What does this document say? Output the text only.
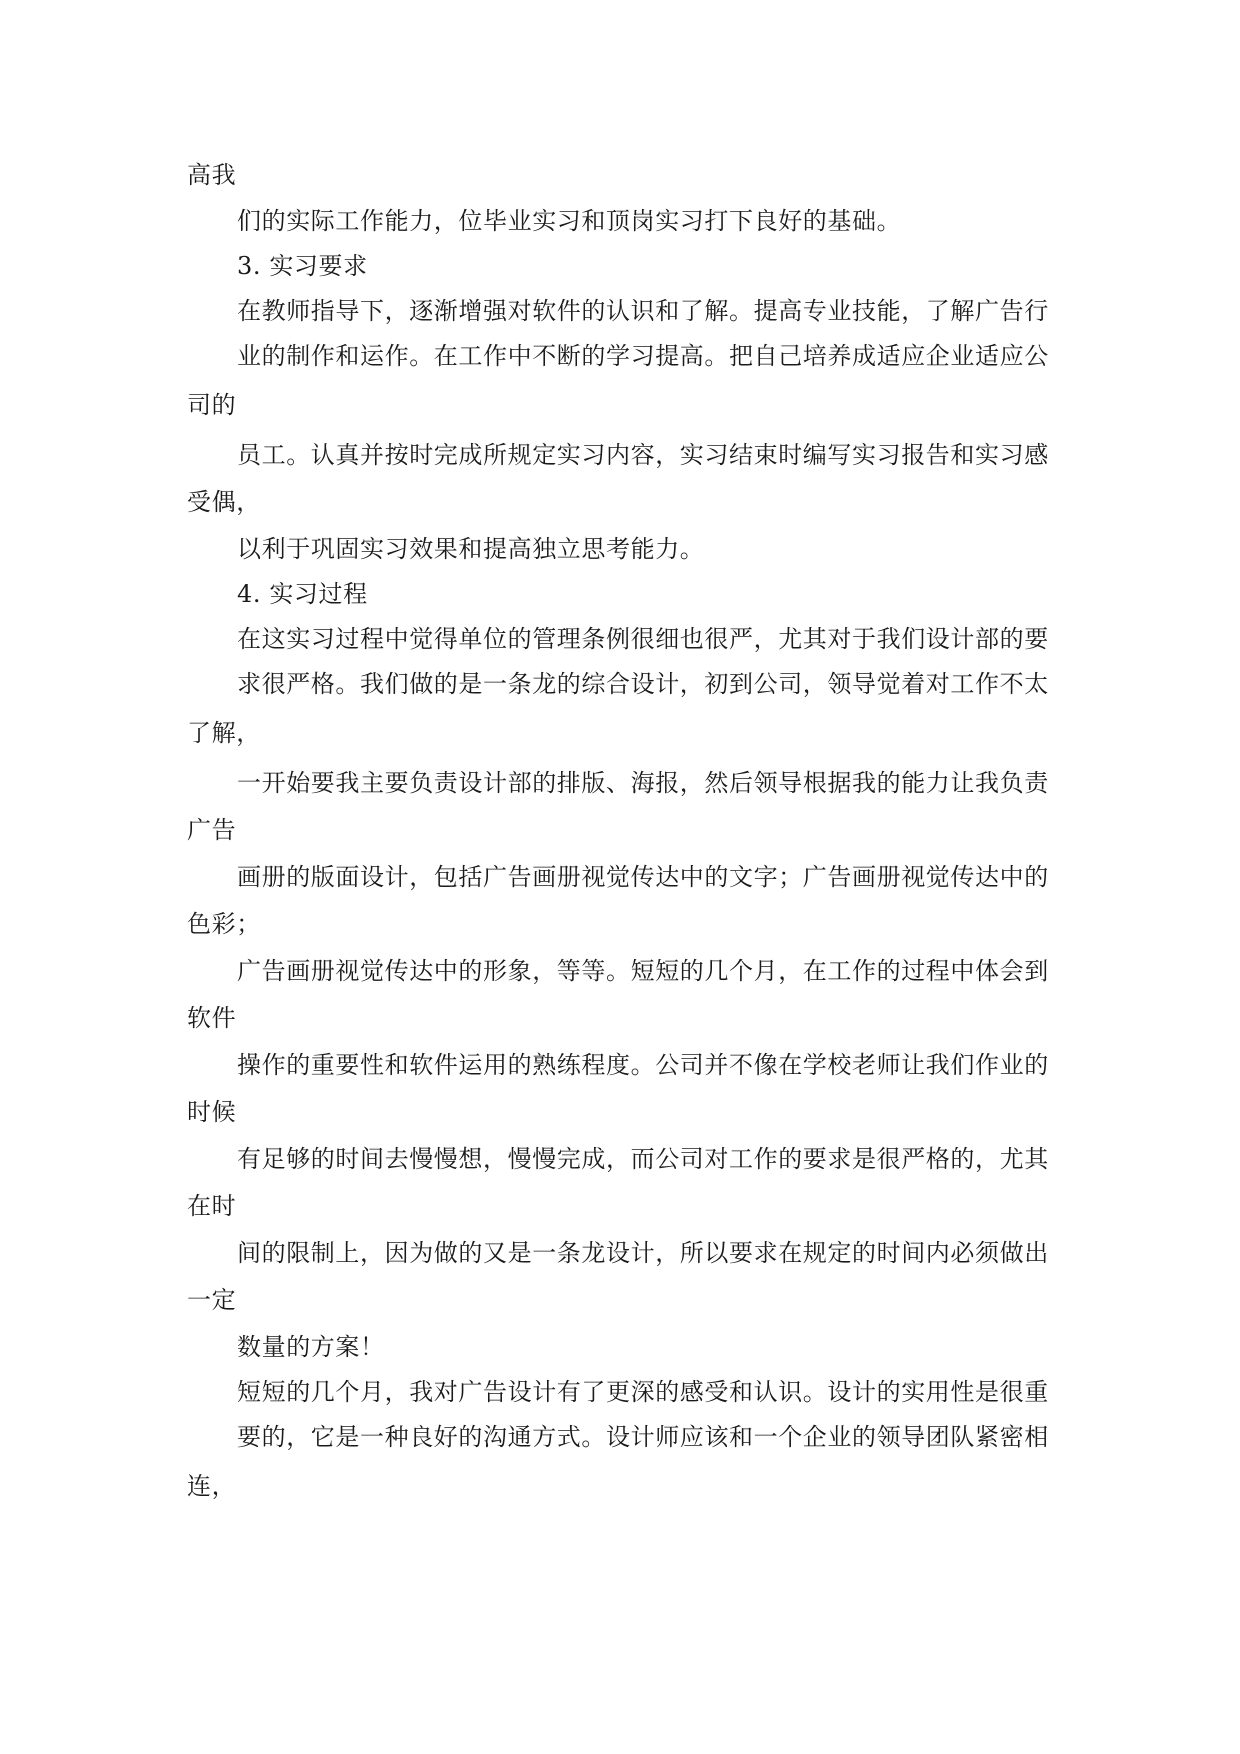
高我
们的实际工作能力，位毕业实习和顶岗实习打下良好的基础。
3. 实习要求
在教师指导下，逐渐增强对软件的认识和了解。提高专业技能，了解广告行
业的制作和运作。在工作中不断的学习提高。把自己培养成适应企业适应公
司的
员工。认真并按时完成所规定实习内容，实习结束时编写实习报告和实习感
受偶，
以利于巩固实习效果和提高独立思考能力。
4. 实习过程
在这实习过程中觉得单位的管理条例很细也很严，尤其对于我们设计部的要
求很严格。我们做的是一条龙的综合设计，初到公司，领导觉着对工作不太
了解，
一开始要我主要负责设计部的排版、海报，然后领导根据我的能力让我负责
广告
画册的版面设计，包括广告画册视觉传达中的文字；广告画册视觉传达中的
色彩；
广告画册视觉传达中的形象，等等。短短的几个月，在工作的过程中体会到
软件
操作的重要性和软件运用的熟练程度。公司并不像在学校老师让我们作业的
时候
有足够的时间去慢慢想，慢慢完成，而公司对工作的要求是很严格的，尤其
在时
间的限制上，因为做的又是一条龙设计，所以要求在规定的时间内必须做出
一定
数量的方案！
短短的几个月，我对广告设计有了更深的感受和认识。设计的实用性是很重
要的，它是一种良好的沟通方式。设计师应该和一个企业的领导团队紧密相
连，
